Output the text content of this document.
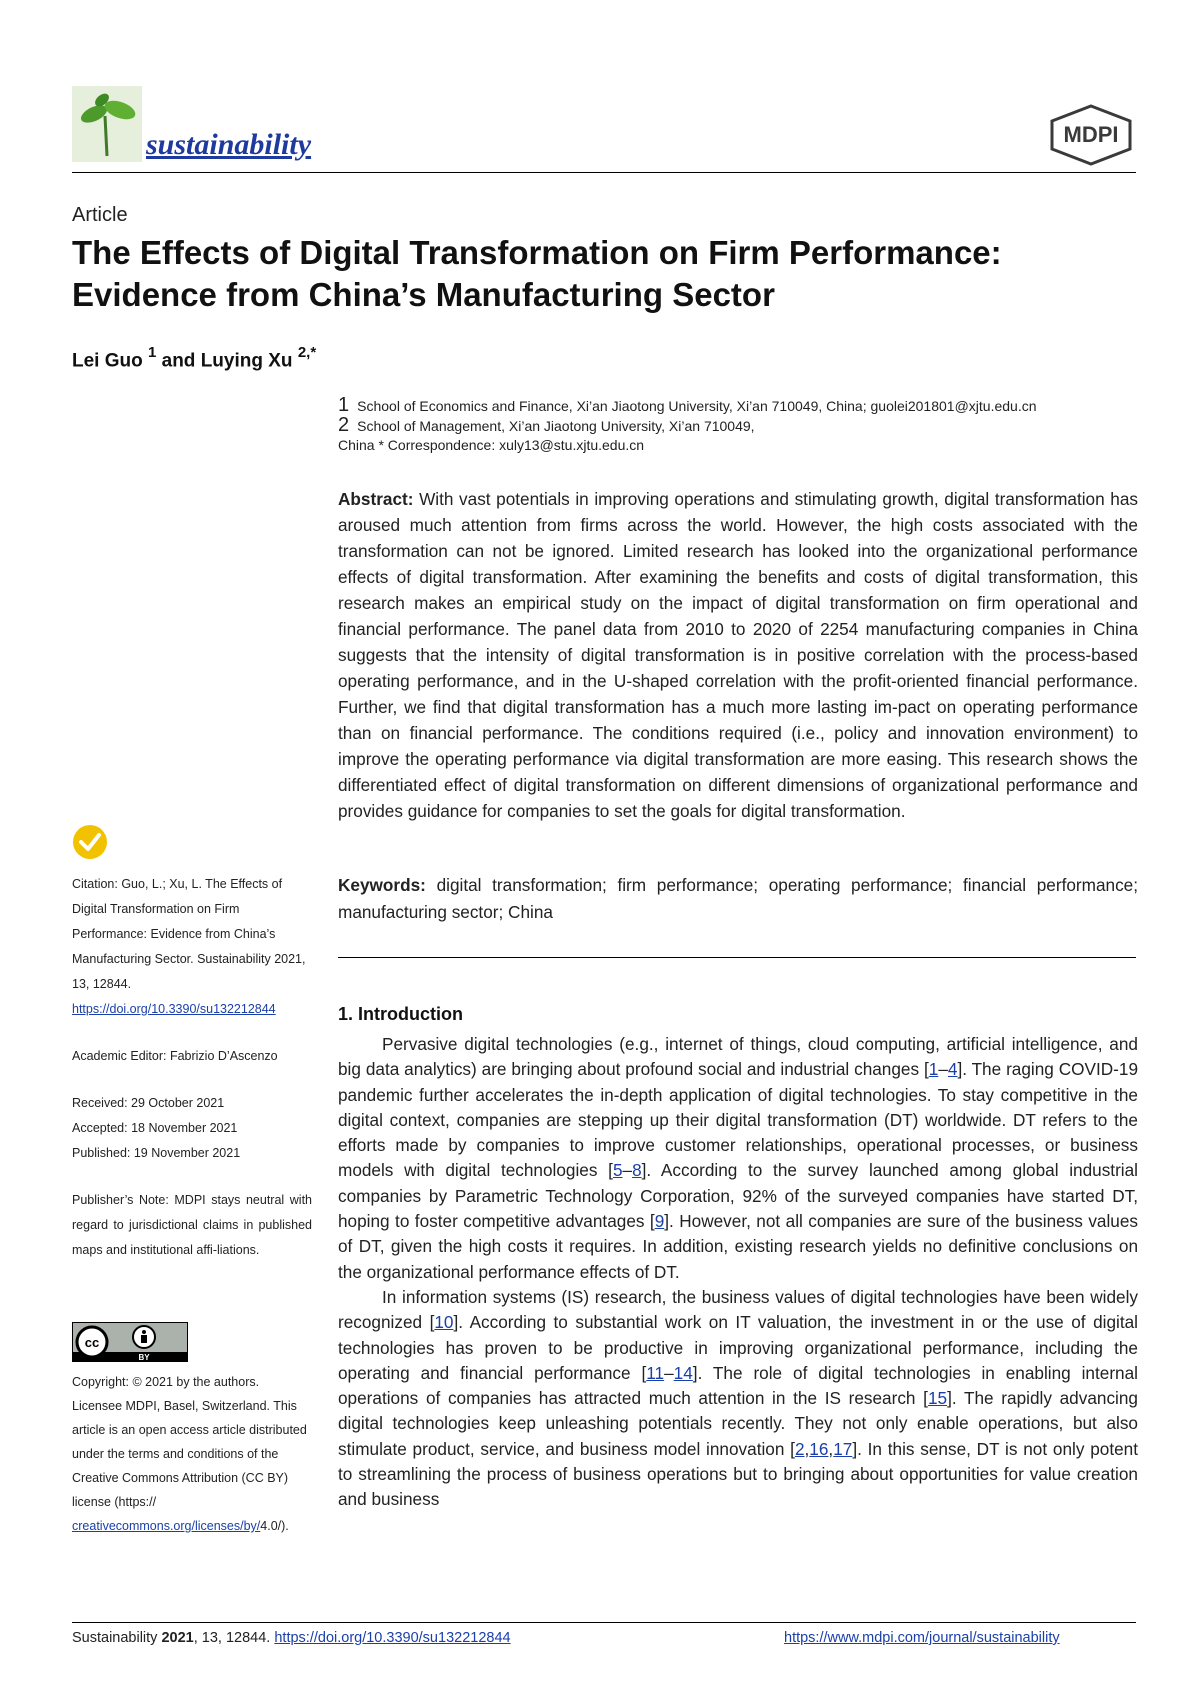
sustainability	MDPI
Article
The Effects of Digital Transformation on Firm Performance: Evidence from China’s Manufacturing Sector
Lei Guo $^1$ and Luying Xu $^{2,*}$
1 School of Economics and Finance, Xi’an Jiaotong University, Xi’an 710049, China; guolei201801@xjtu.edu.cn
2 School of Management, Xi’an Jiaotong University, Xi’an 710049,
China * Correspondence: xuly13@stu.xjtu.edu.cn
Abstract: With vast potentials in improving operations and stimulating growth, digital transformation has aroused much attention from firms across the world. However, the high costs associated with the transformation can not be ignored. Limited research has looked into the organizational performance effects of digital transformation. After examining the benefits and costs of digital transformation, this research makes an empirical study on the impact of digital transformation on firm operational and financial performance. The panel data from 2010 to 2020 of 2254 manufacturing companies in China suggests that the intensity of digital transformation is in positive correlation with the process-based operating performance, and in the U-shaped correlation with the profit-oriented financial performance. Further, we find that digital transformation has a much more lasting im-pact on operating performance than on financial performance. The conditions required (i.e., policy and innovation environment) to improve the operating performance via digital transformation are more easing. This research shows the differentiated effect of digital transformation on different dimensions of organizational performance and provides guidance for companies to set the goals for digital transformation.
Keywords: digital transformation; firm performance; operating performance; financial performance; manufacturing sector; China
1. Introduction

Pervasive digital technologies (e.g., internet of things, cloud computing, artificial intelligence, and big data analytics) are bringing about profound social and industrial changes [1–4]. The raging COVID-19 pandemic further accelerates the in-depth application of digital technologies. To stay competitive in the digital context, companies are stepping up their digital transformation (DT) worldwide. DT refers to the efforts made by companies to improve customer relationships, operational processes, or business models with digital technologies [5–8]. According to the survey launched among global industrial companies by Parametric Technology Corporation, 92% of the surveyed companies have started DT, hoping to foster competitive advantages [9]. However, not all companies are sure of the business values of DT, given the high costs it requires. In addition, existing research yields no definitive conclusions on the organizational performance effects of DT.

In information systems (IS) research, the business values of digital technologies have been widely recognized [10]. According to substantial work on IT valuation, the investment in or the use of digital technologies has proven to be productive in improving organizational performance, including the operating and financial performance [11–14]. The role of digital technologies in enabling internal operations of companies has attracted much attention in the IS research [15]. The rapidly advancing digital technologies keep unleashing potentials recently. They not only enable operations, but also stimulate product, service, and business model innovation [2,16,17]. In this sense, DT is not only potent to streamlining the process of business operations but to bringing about opportunities for value creation and business

Citation: Guo, L.; Xu, L. The Effects of Digital Transformation on Firm Performance: Evidence from China’s Manufacturing Sector. Sustainability 2021, 13, 12844. https://doi.org/10.3390/su132212844

Academic Editor: Fabrizio D’Ascenzo

Received: 29 October 2021
Accepted: 18 November 2021
Published: 19 November 2021

Publisher’s Note: MDPI stays neutral with regard to jurisdictional claims in published maps and institutional affi-liations.

cc
BY
Copyright: © 2021 by the authors. Licensee MDPI, Basel, Switzerland. This article is an open access article distributed under the terms and conditions of the Creative Commons Attribution (CC BY) license (https:// creativecommons.org/licenses/by/4.0/).
Sustainability 2021, 13, 12844. https://doi.org/10.3390/su132212844	https://www.mdpi.com/journal/sustainability
